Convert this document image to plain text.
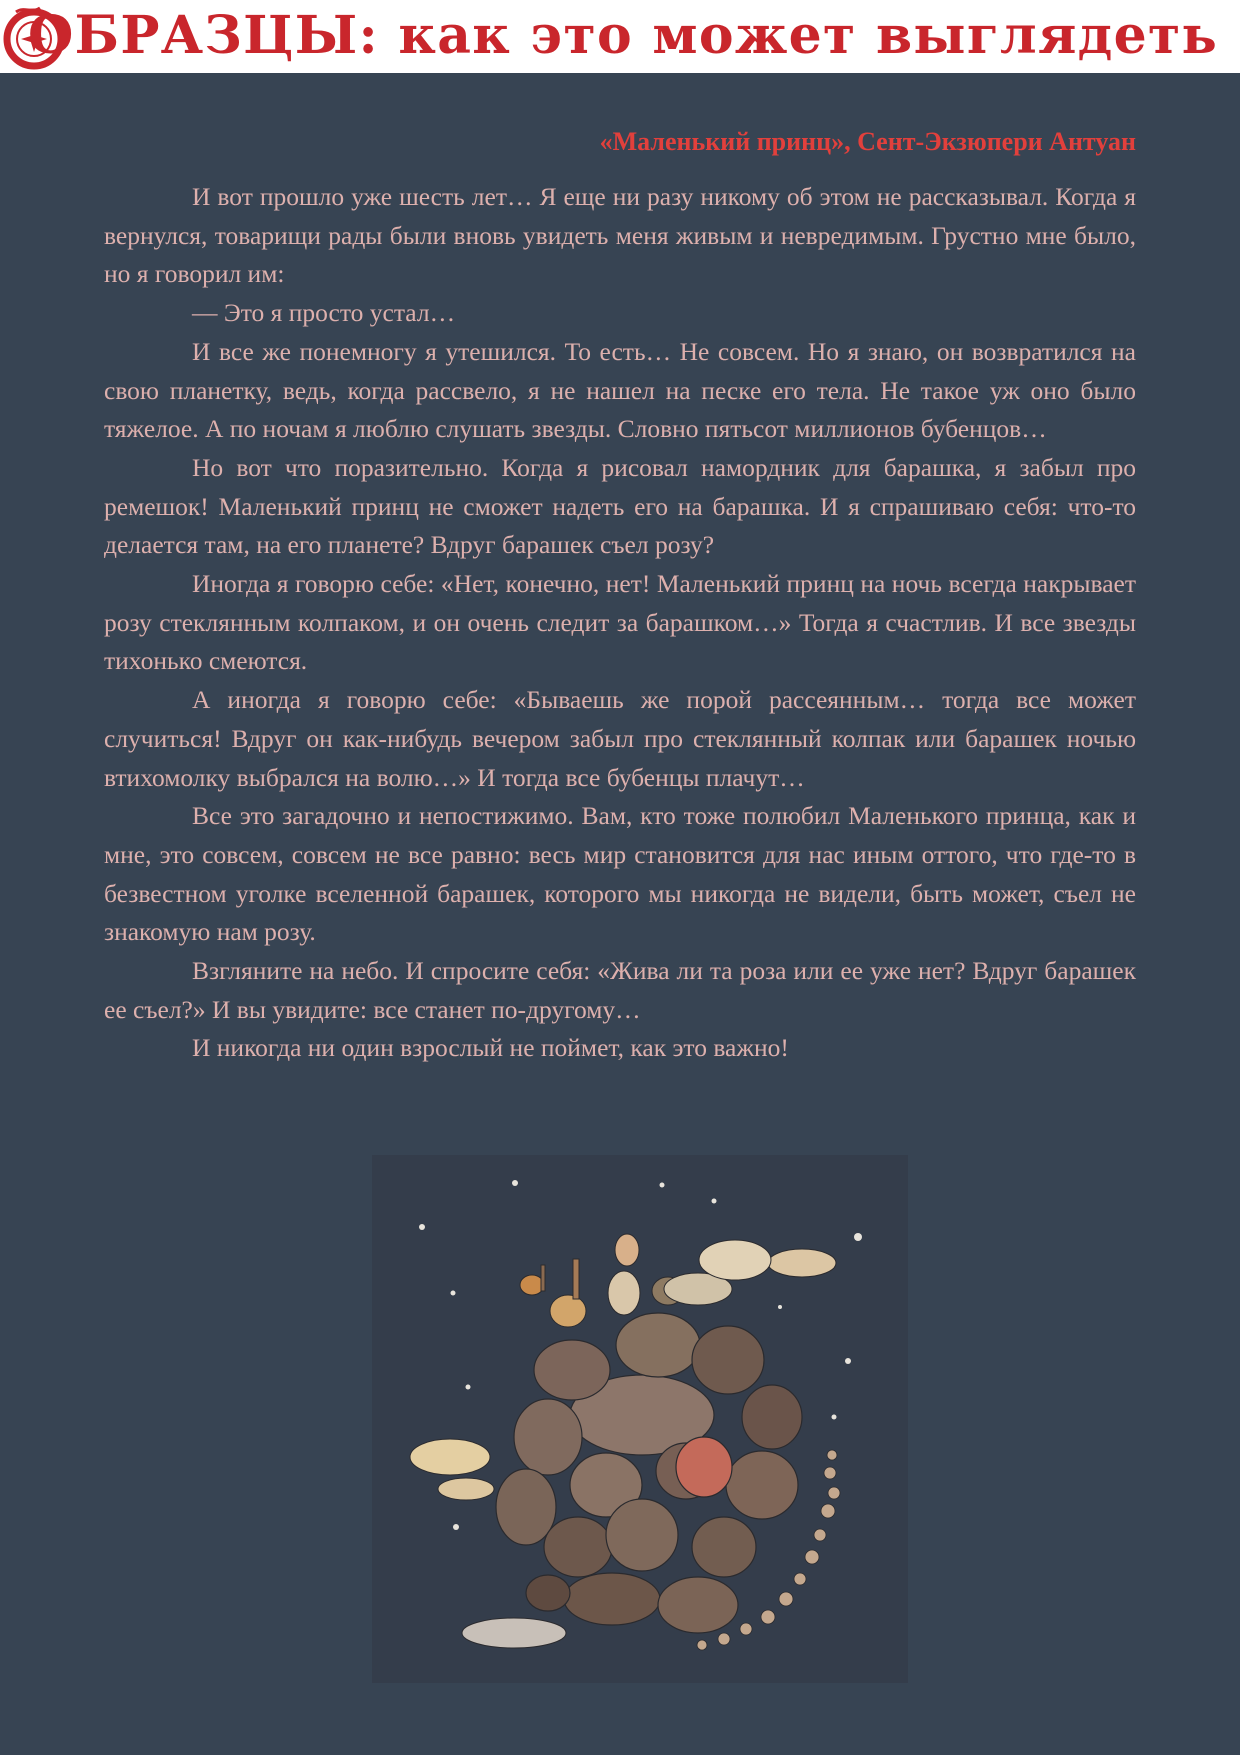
ОБРАЗЦЫ: как это может выглядеть
«Маленький принц», Сент-Экзюпери Антуан

И вот прошло уже шесть лет… Я еще ни разу никому об этом не рассказывал. Когда я вернулся, товарищи рады были вновь увидеть меня живым и невредимым. Грустно мне было, но я говорил им:

— Это я просто устал…

И все же понемногу я утешился. То есть… Не совсем. Но я знаю, он возвратился на свою планетку, ведь, когда рассвело, я не нашел на песке его тела. Не такое уж оно было тяжелое. А по ночам я люблю слушать звезды. Словно пятьсот миллионов бубенцов…

Но вот что поразительно. Когда я рисовал намордник для барашка, я забыл про ремешок! Маленький принц не сможет надеть его на барашка. И я спрашиваю себя: что-то делается там, на его планете? Вдруг барашек съел розу?

Иногда я говорю себе: «Нет, конечно, нет! Маленький принц на ночь всегда накрывает розу стеклянным колпаком, и он очень следит за барашком…» Тогда я счастлив. И все звезды тихонько смеются.

А иногда я говорю себе: «Бываешь же порой рассеянным… тогда все может случиться! Вдруг он как-нибудь вечером забыл про стеклянный колпак или барашек ночью втихомолку выбрался на волю…» И тогда все бубенцы плачут…

Все это загадочно и непостижимо. Вам, кто тоже полюбил Маленького принца, как и мне, это совсем, совсем не все равно: весь мир становится для нас иным оттого, что где-то в безвестном уголке вселенной барашек, которого мы никогда не видели, быть может, съел не знакомую нам розу.

Взгляните на небо. И спросите себя: «Жива ли та роза или ее уже нет? Вдруг барашек ее съел?» И вы увидите: все станет по-другому…

И никогда ни один взрослый не поймет, как это важно!
